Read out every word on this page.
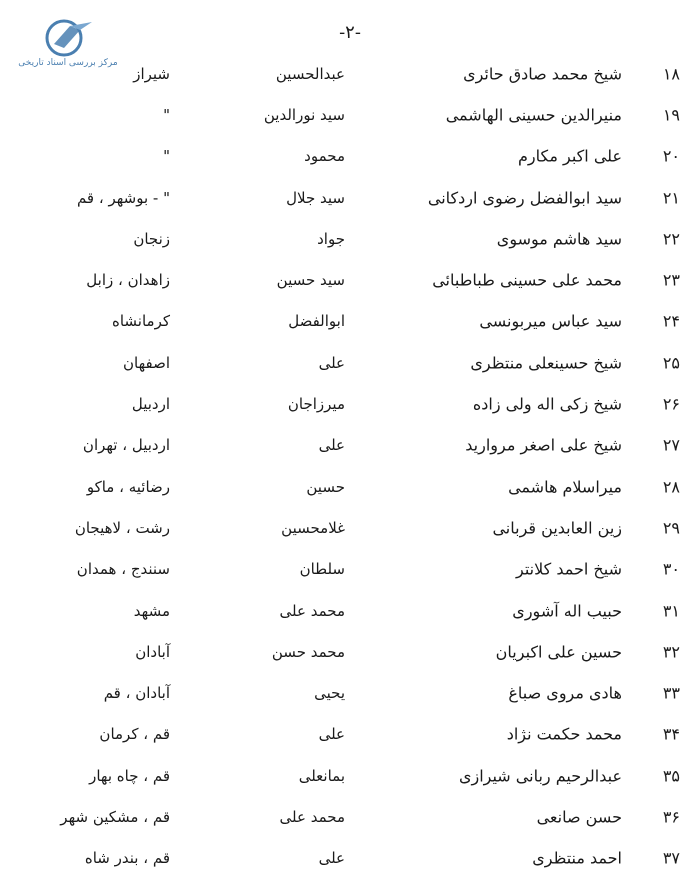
مرکز بررسی اسناد تاریخی
-۲-
۱۸
شیخ محمد صادق حائری
عبدالحسین
شیراز
۱۹
منیرالدین حسینی الهاشمی
سید نورالدین
"
۲۰
علی اکبر مکارم
محمود
"
۲۱
سید ابوالفضل رضوی اردکانی
سید جلال
" - بوشهر ، قم
۲۲
سید هاشم موسوی
جواد
زنجان
۲۳
محمد علی حسینی طباطبائی
سید حسین
زاهدان ، زابل
۲۴
سید عباس میربونسی
ابوالفضل
کرمانشاه
۲۵
شیخ حسینعلی منتظری
علی
اصفهان
۲۶
شیخ زکی اله ولی زاده
میرزاجان
اردبیل
۲۷
شیخ علی اصغر مروارید
علی
اردبیل ، تهران
۲۸
میراسلام هاشمی
حسین
رضائیه ، ماکو
۲۹
زین العابدین قربانی
غلامحسین
رشت ، لاهیجان
۳۰
شیخ احمد کلانتر
سلطان
سنندج ، همدان
۳۱
حبیب اله آشوری
محمد علی
مشهد
۳۲
حسین علی اکبریان
محمد حسن
آبادان
۳۳
هادی مروی صباغ
یحیی
آبادان ، قم
۳۴
محمد حکمت نژاد
علی
قم ، کرمان
۳۵
عبدالرحیم ربانی شیرازی
بمانعلی
قم ، چاه بهار
۳۶
حسن صانعی
محمد علی
قم ، مشکین شهر
۳۷
احمد منتظری
علی
قم ، بندر شاه
